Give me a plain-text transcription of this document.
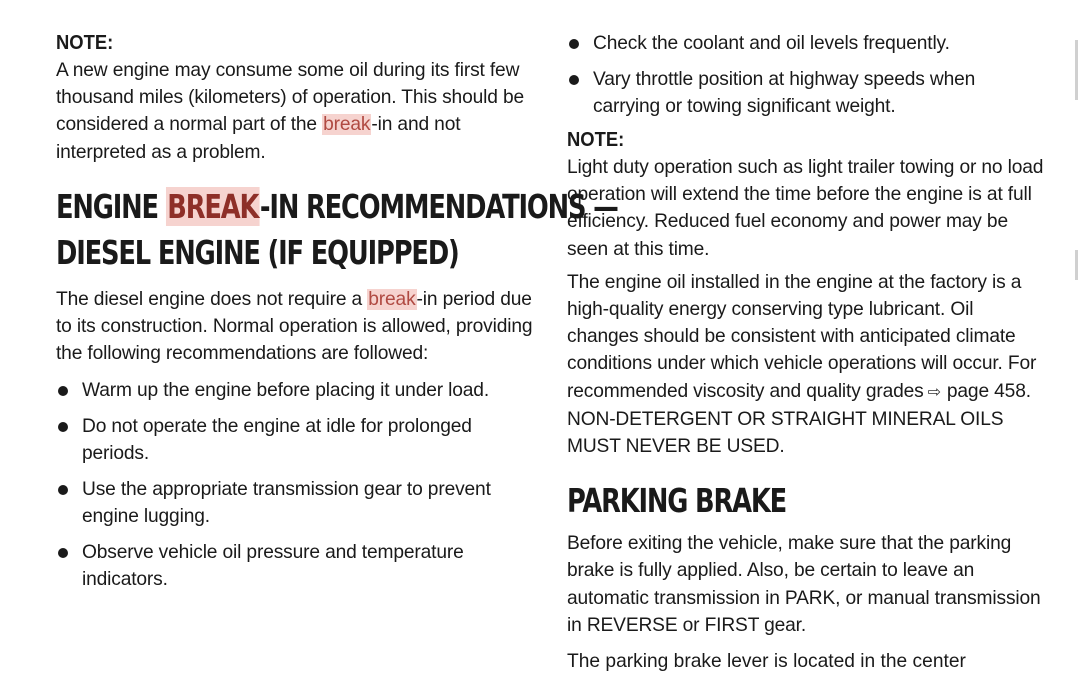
NOTE:

A new engine may consume some oil during its first few thousand miles (kilometers) of operation. This should be considered a normal part of the break-in and not interpreted as a problem.

ENGINE BREAK-IN RECOMMENDATIONS —
DIESEL ENGINE (IF EQUIPPED)

The diesel engine does not require a break-in period due to its construction. Normal operation is allowed, providing the following recommendations are followed:

Warm up the engine before placing it under load.
Do not operate the engine at idle for prolonged periods.
Use the appropriate transmission gear to prevent engine lugging.
Observe vehicle oil pressure and temperature indicators.
Check the coolant and oil levels frequently.
Vary throttle position at highway speeds when carrying or towing significant weight.
NOTE:

Light duty operation such as light trailer towing or no load operation will extend the time before the engine is at full efficiency. Reduced fuel economy and power may be seen at this time.

The engine oil installed in the engine at the factory is a high-quality energy conserving type lubricant. Oil changes should be consistent with anticipated climate conditions under which vehicle operations will occur. For recommended viscosity and quality grades ⇨ page 458. NON-DETERGENT OR STRAIGHT MINERAL OILS MUST NEVER BE USED.

PARKING BRAKE

Before exiting the vehicle, make sure that the parking brake is fully applied. Also, be certain to leave an automatic transmission in PARK, or manual transmission in REVERSE or FIRST gear.

The parking brake lever is located in the center
